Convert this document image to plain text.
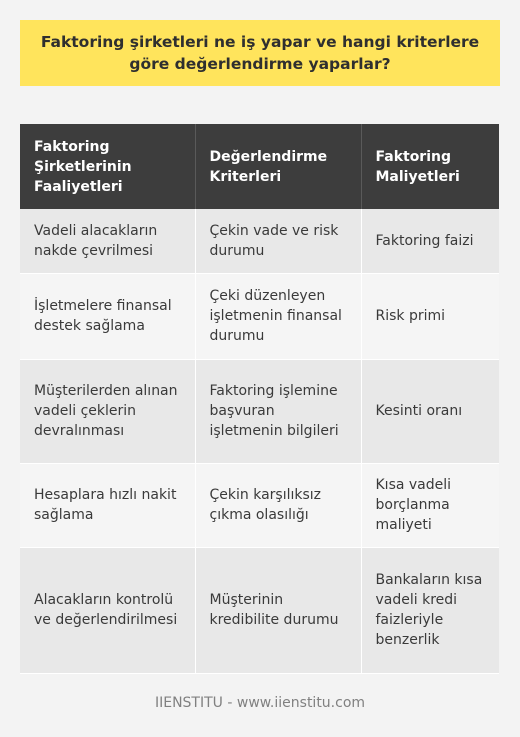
Faktoring şirketleri ne iş yapar ve hangi kriterlere göre değerlendirme yaparlar?
Faktoring Şirketlerinin Faaliyetleri	Değerlendirme Kriterleri	Faktoring Maliyetleri
Vadeli alacakların nakde çevrilmesi	Çekin vade ve risk durumu	Faktoring faizi
İşletmelere finansal destek sağlama	Çeki düzenleyen işletmenin finansal durumu	Risk primi
Müşterilerden alınan vadeli çeklerin devralınması	Faktoring işlemine başvuran işletmenin bilgileri	Kesinti oranı
Hesaplara hızlı nakit sağlama	Çekin karşılıksız çıkma olasılığı	Kısa vadeli borçlanma maliyeti
Alacakların kontrolü ve değerlendirilmesi	Müşterinin kredibilite durumu	Bankaların kısa vadeli kredi faizleriyle benzerlik
IIENSTITU - www.iienstitu.com
